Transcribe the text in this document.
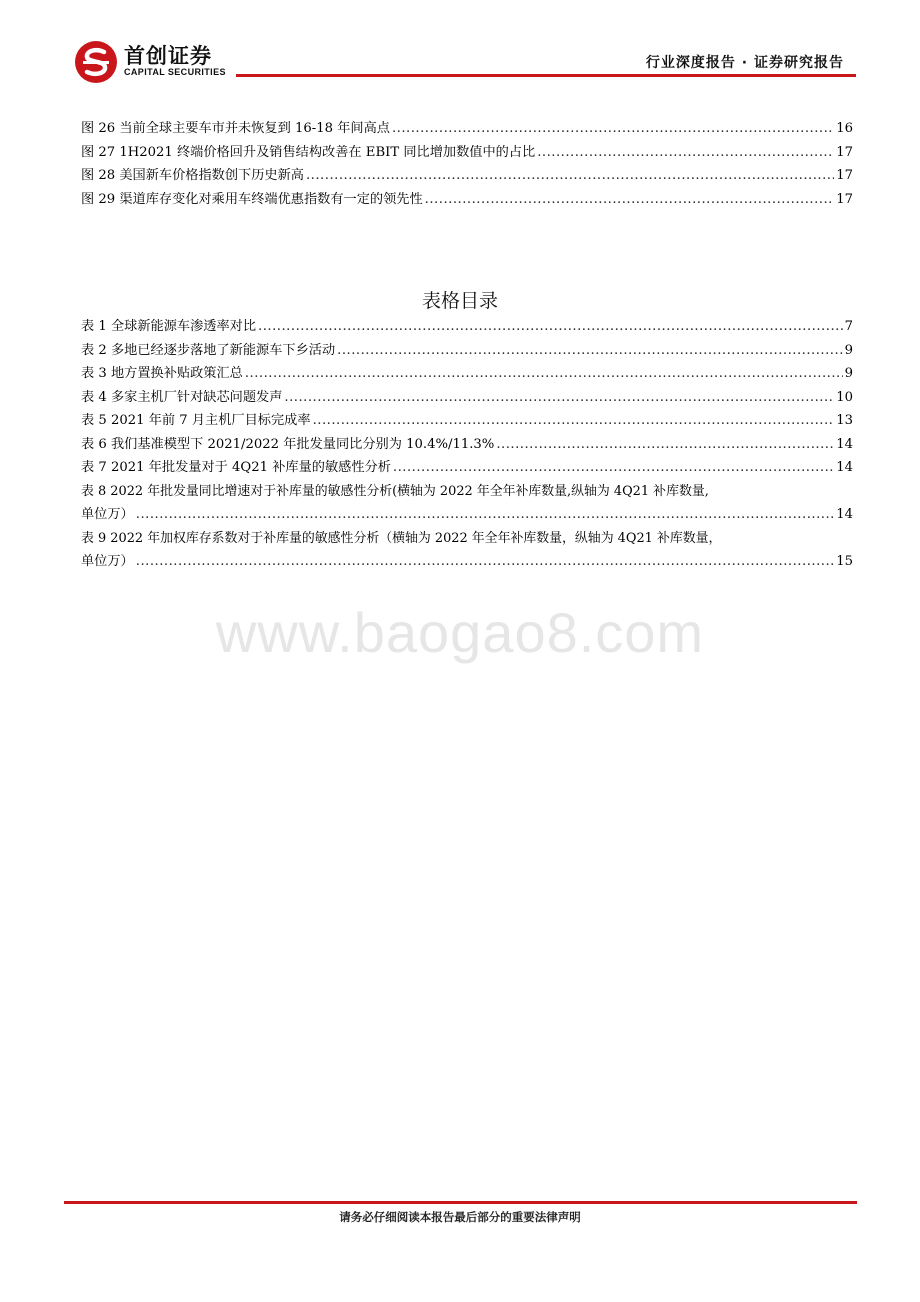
首创证券
CAPITAL SECURITIES
行业深度报告 · 证券研究报告
图 26 当前全球主要车市并未恢复到 16-18 年间高点 .....	16
图 27 1H2021 终端价格回升及销售结构改善在 EBIT 同比增加数值中的占比 .....	17
图 28 美国新车价格指数创下历史新高 .....	17
图 29 渠道库存变化对乘用车终端优惠指数有一定的领先性 .....	17
表格目录
表 1 全球新能源车渗透率对比 .....	7
表 2 多地已经逐步落地了新能源车下乡活动 .....	9
表 3 地方置换补贴政策汇总 .....	9
表 4 多家主机厂针对缺芯问题发声 .....	10
表 5 2021 年前 7 月主机厂目标完成率 .....	13
表 6 我们基准模型下 2021/2022 年批发量同比分别为 10.4%/11.3% .....	14
表 7 2021 年批发量对于 4Q21 补库量的敏感性分析 .....	14
表 8 2022 年批发量同比增速对于补库量的敏感性分析(横轴为 2022 年全年补库数量,纵轴为 4Q21 补库数量,
单位万） .....	14
表 9 2022 年加权库存系数对于补库量的敏感性分析（横轴为 2022 年全年补库数量，纵轴为 4Q21 补库数量，
单位万） .....	15
www.baogao8.com
请务必仔细阅读本报告最后部分的重要法律声明
